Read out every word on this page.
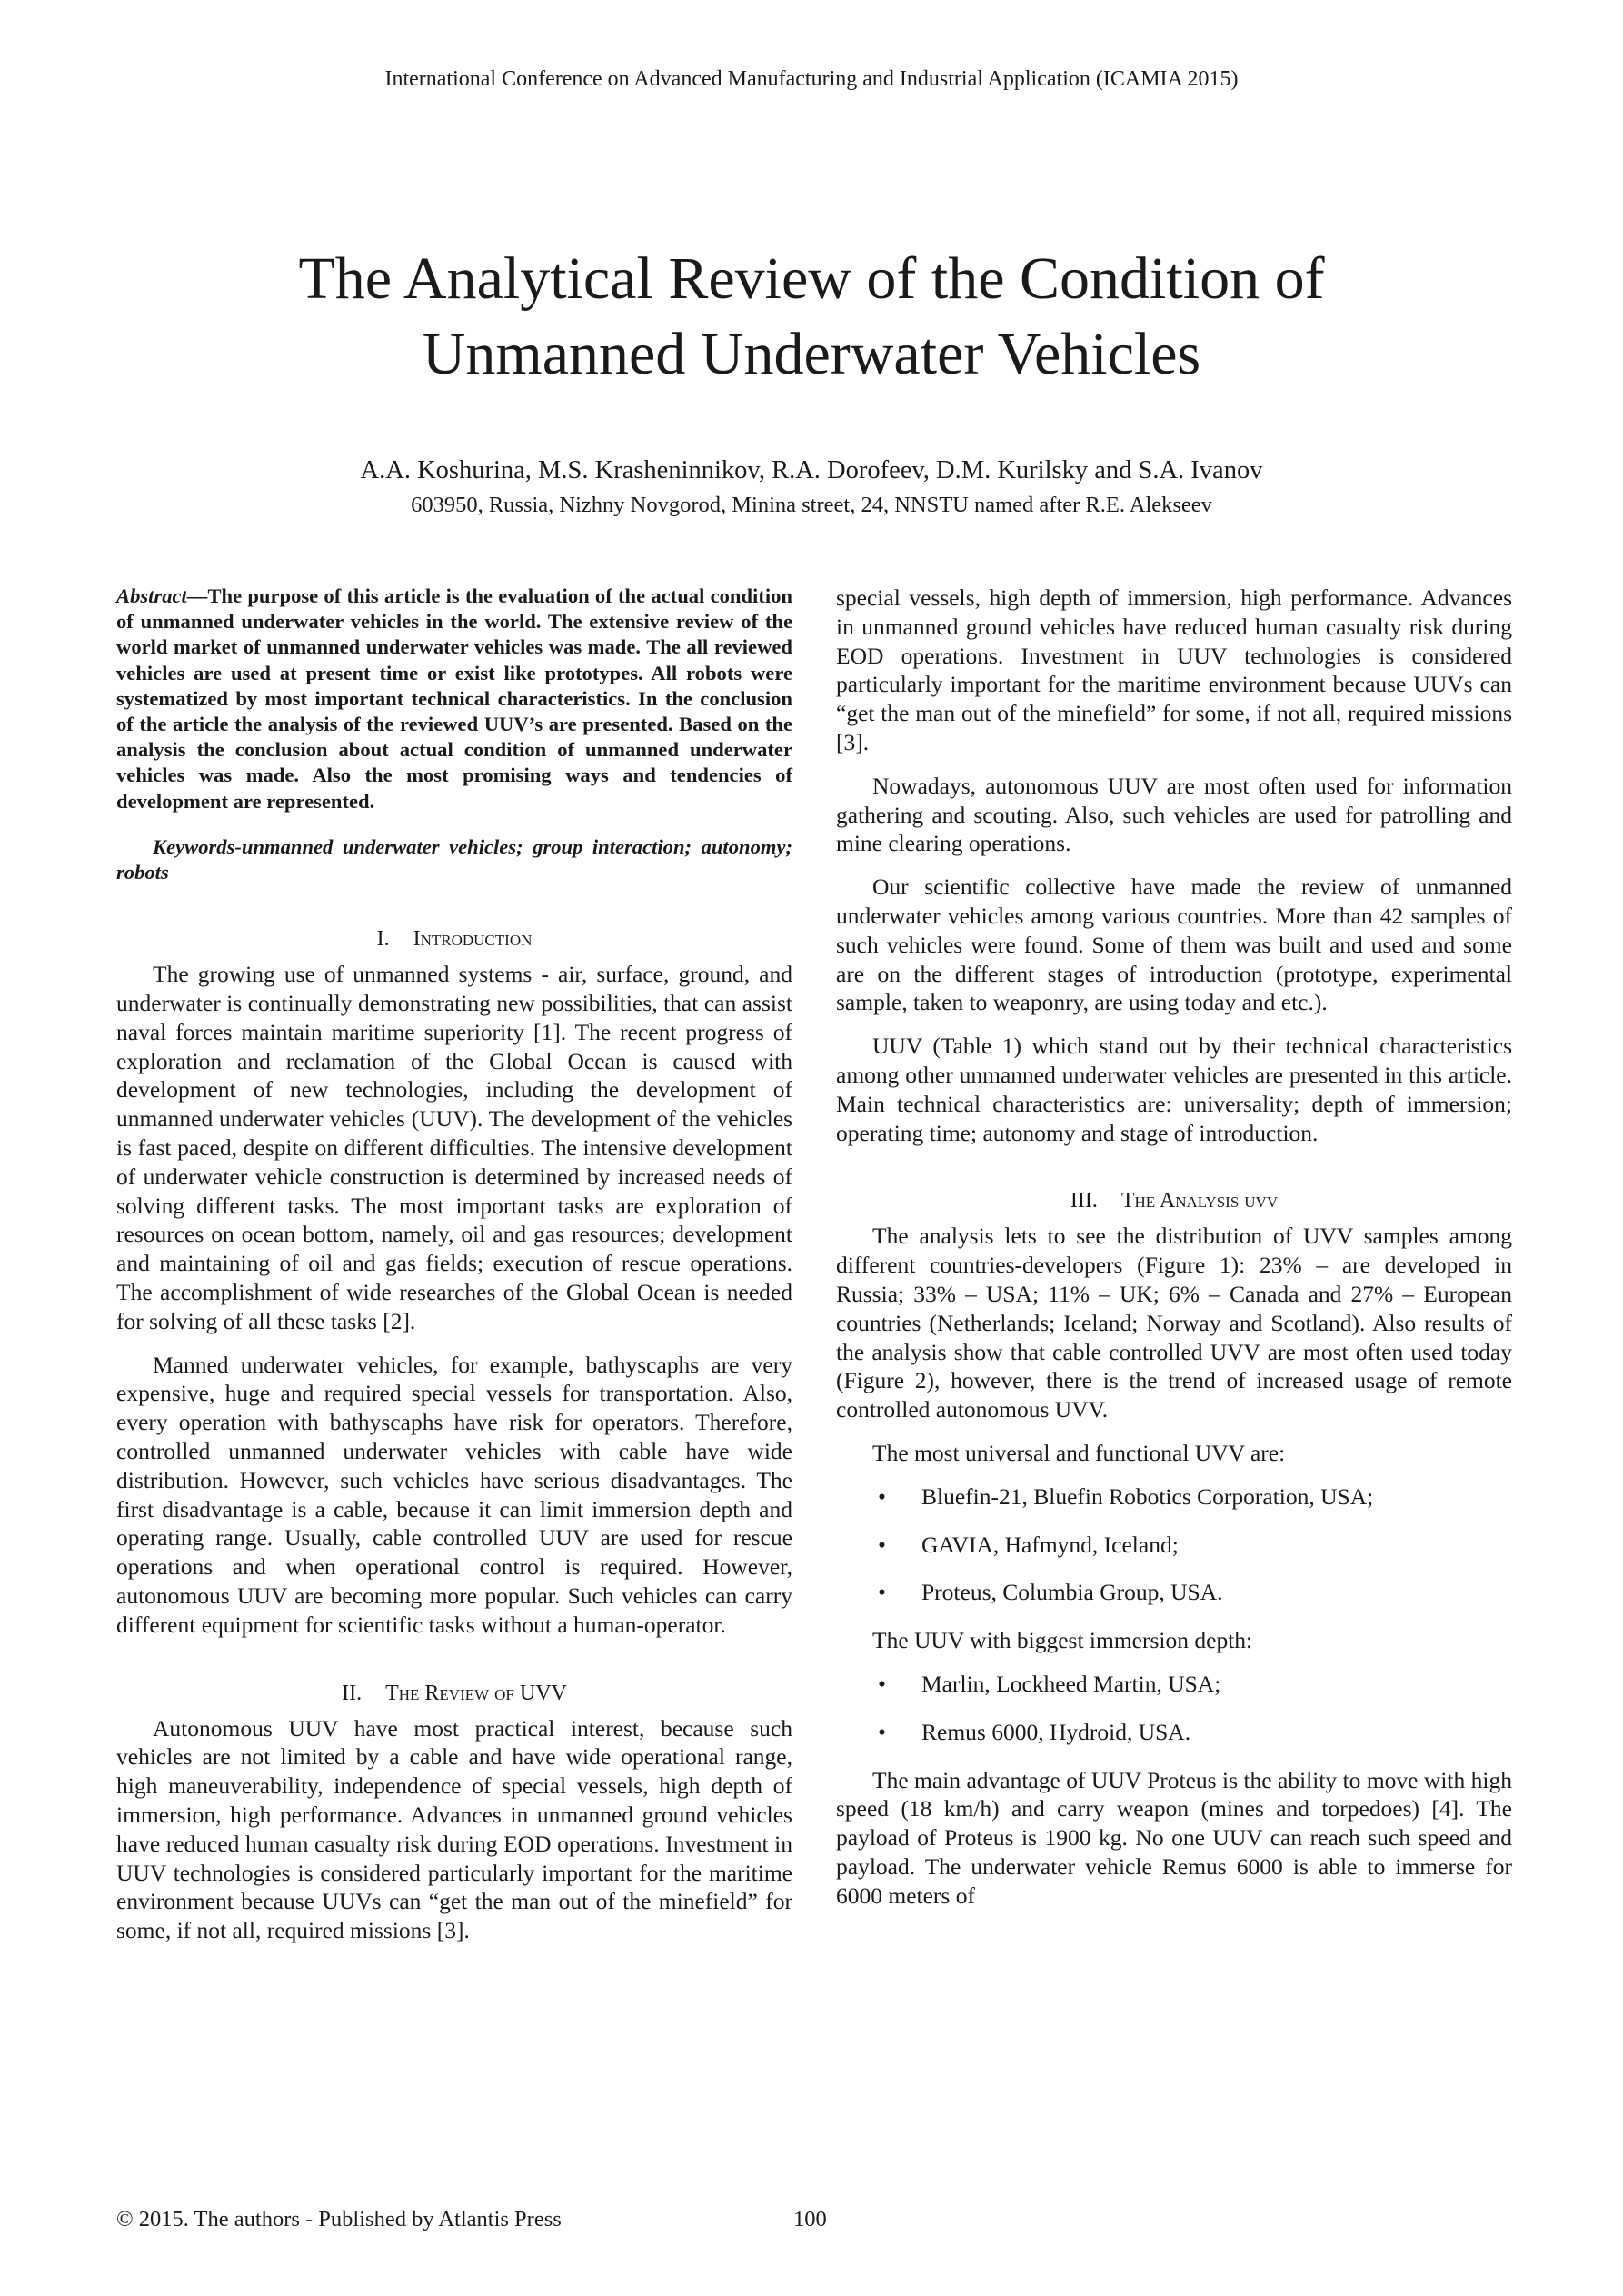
International Conference on Advanced Manufacturing and Industrial Application (ICAMIA 2015)
The Analytical Review of the Condition of
Unmanned Underwater Vehicles
A.A. Koshurina, M.S. Krasheninnikov, R.A. Dorofeev, D.M. Kurilsky and S.A. Ivanov
603950, Russia, Nizhny Novgorod, Minina street, 24, NNSTU named after R.E. Alekseev

Abstract—The purpose of this article is the evaluation of the actual condition of unmanned underwater vehicles in the world. The extensive review of the world market of unmanned underwater vehicles was made. The all reviewed vehicles are used at present time or exist like prototypes. All robots were systematized by most important technical characteristics. In the conclusion of the article the analysis of the reviewed UUV’s are presented. Based on the analysis the conclusion about actual condition of unmanned underwater vehicles was made. Also the most promising ways and tendencies of development are represented.

Keywords-unmanned underwater vehicles; group interaction; autonomy; robots

I. Introduction

The growing use of unmanned systems - air, surface, ground, and underwater is continually demonstrating new possibilities, that can assist naval forces maintain maritime superiority [1]. The recent progress of exploration and reclamation of the Global Ocean is caused with development of new technologies, including the development of unmanned underwater vehicles (UUV). The development of the vehicles is fast paced, despite on different difficulties. The intensive development of underwater vehicle construction is determined by increased needs of solving different tasks. The most important tasks are exploration of resources on ocean bottom, namely, oil and gas resources; development and maintaining of oil and gas fields; execution of rescue operations. The accomplishment of wide researches of the Global Ocean is needed for solving of all these tasks [2].

Manned underwater vehicles, for example, bathyscaphs are very expensive, huge and required special vessels for transportation. Also, every operation with bathyscaphs have risk for operators. Therefore, controlled unmanned underwater vehicles with cable have wide distribution. However, such vehicles have serious disadvantages. The first disadvantage is a cable, because it can limit immersion depth and operating range. Usually, cable controlled UUV are used for rescue operations and when operational control is required. However, autonomous UUV are becoming more popular. Such vehicles can carry different equipment for scientific tasks without a human-operator.

II. The Review of UVV

Autonomous UUV have most practical interest, because such vehicles are not limited by a cable and have wide operational range, high maneuverability, independence of special vessels, high depth of immersion, high performance. Advances in unmanned ground vehicles have reduced human casualty risk during EOD operations. Investment in UUV technologies is considered particularly important for the maritime environment because UUVs can “get the man out of the minefield” for some, if not all, required missions [3].

special vessels, high depth of immersion, high performance. Advances in unmanned ground vehicles have reduced human casualty risk during EOD operations. Investment in UUV technologies is considered particularly important for the maritime environment because UUVs can “get the man out of the minefield” for some, if not all, required missions [3].

Nowadays, autonomous UUV are most often used for information gathering and scouting. Also, such vehicles are used for patrolling and mine clearing operations.

Our scientific collective have made the review of unmanned underwater vehicles among various countries. More than 42 samples of such vehicles were found. Some of them was built and used and some are on the different stages of introduction (prototype, experimental sample, taken to weaponry, are using today and etc.).

UUV (Table 1) which stand out by their technical characteristics among other unmanned underwater vehicles are presented in this article. Main technical characteristics are: universality; depth of immersion; operating time; autonomy and stage of introduction.

III. The Analysis uvv

The analysis lets to see the distribution of UVV samples among different countries-developers (Figure 1): 23% – are developed in Russia; 33% – USA; 11% – UK; 6% – Canada and 27% – European countries (Netherlands; Iceland; Norway and Scotland). Also results of the analysis show that cable controlled UVV are most often used today (Figure 2), however, there is the trend of increased usage of remote controlled autonomous UVV.

The most universal and functional UVV are:

• Bluefin-21, Bluefin Robotics Corporation, USA;
• GAVIA, Hafmynd, Iceland;
• Proteus, Columbia Group, USA.

The UUV with biggest immersion depth:

• Marlin, Lockheed Martin, USA;
• Remus 6000, Hydroid, USA.

The main advantage of UUV Proteus is the ability to move with high speed (18 km/h) and carry weapon (mines and torpedoes) [4]. The payload of Proteus is 1900 kg. No one UUV can reach such speed and payload. The underwater vehicle Remus 6000 is able to immerse for 6000 meters of

© 2015. The authors - Published by Atlantis Press	100
